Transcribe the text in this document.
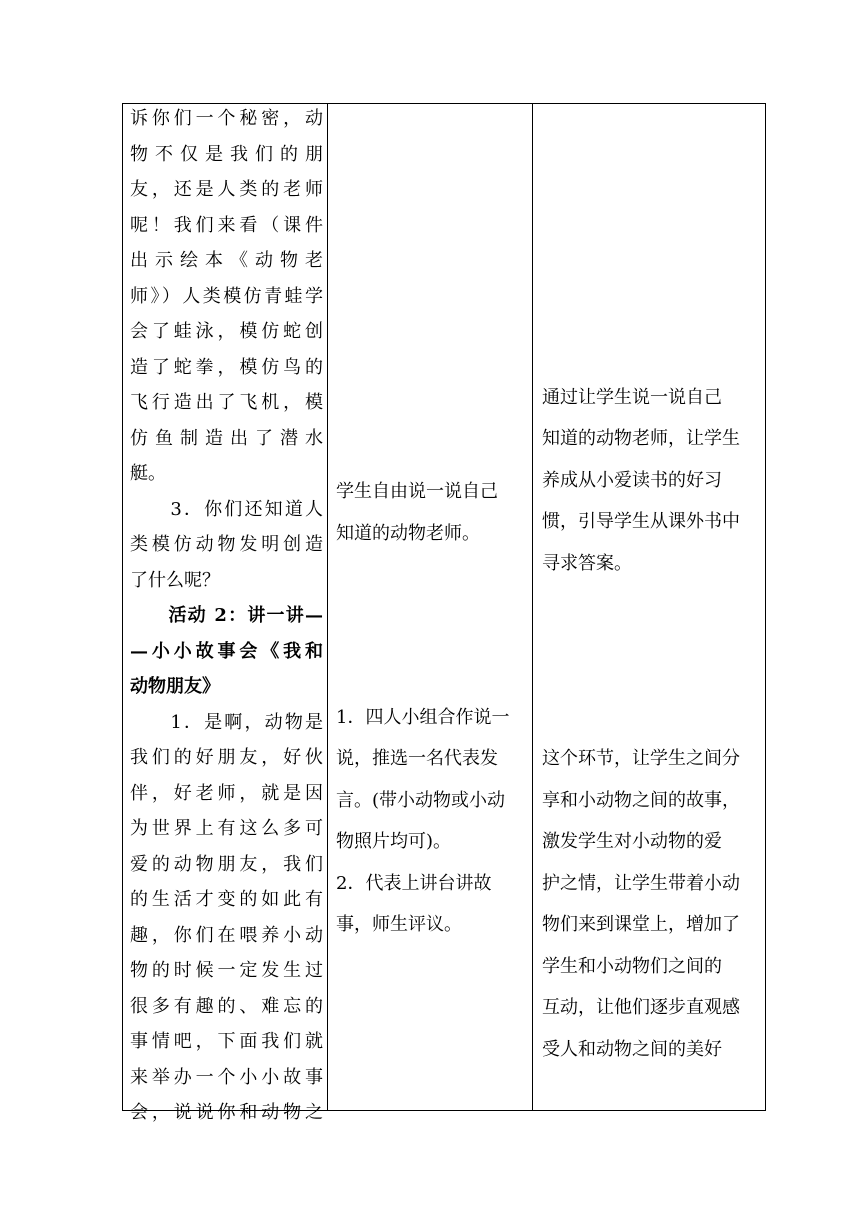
诉你们一个秘密，动
物不仅是我们的朋
友，还是人类的老师
呢！我们来看（课件
出示绘本《动物老
师》）人类模仿青蛙学
会了蛙泳，模仿蛇创
造了蛇拳，模仿鸟的
飞行造出了飞机，模
仿鱼制造出了潜水
艇。
　　3．你们还知道人
类模仿动物发明创造
了什么呢？
　　活动 2：讲一讲—
—小小故事会《我和
动物朋友》
　　1．是啊，动物是
我们的好朋友，好伙
伴，好老师，就是因
为世界上有这么多可
爱的动物朋友，我们
的生活才变的如此有
趣，你们在喂养小动
物的时候一定发生过
很多有趣的、难忘的
事情吧，下面我们就
来举办一个小小故事
会，说说你和动物之
学生自由说一说自己
知道的动物老师。
1．四人小组合作说一
说，推选一名代表发
言。(带小动物或小动
物照片均可)。
2．代表上讲台讲故
事，师生评议。
通过让学生说一说自己
知道的动物老师，让学生
养成从小爱读书的好习
惯，引导学生从课外书中
寻求答案。
这个环节，让学生之间分
享和小动物之间的故事，
激发学生对小动物的爱
护之情，让学生带着小动
物们来到课堂上，增加了
学生和小动物们之间的
互动，让他们逐步直观感
受人和动物之间的美好
